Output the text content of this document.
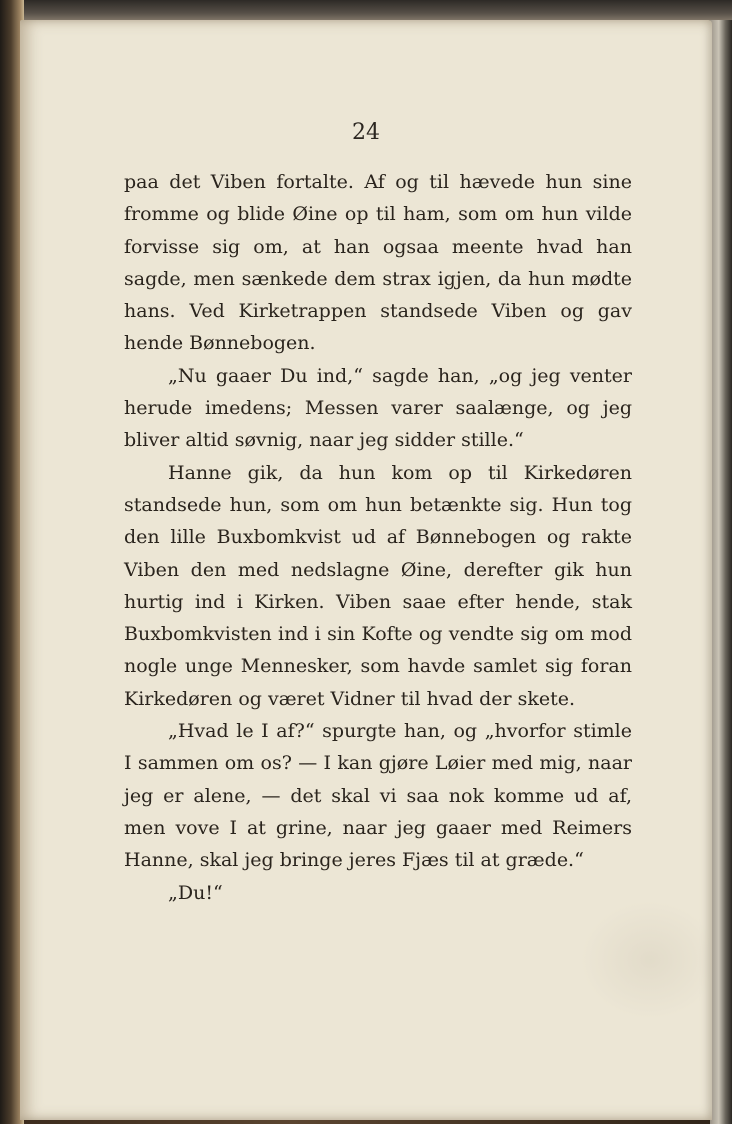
24

paa det Viben fortalte. Af og til hævede hun sine fromme og blide Øine op til ham, som om hun vilde forvisse sig om, at han ogsaa meente hvad han sagde, men sænkede dem strax igjen, da hun mødte hans. Ved Kirketrappen standsede Viben og gav hende Bønnebogen.

„Nu gaaer Du ind,“ sagde han, „og jeg venter herude imedens; Messen varer saalænge, og jeg bliver altid søvnig, naar jeg sidder stille.“

Hanne gik, da hun kom op til Kirkedøren standsede hun, som om hun betænkte sig. Hun tog den lille Buxbomkvist ud af Bønnebogen og rakte Viben den med nedslagne Øine, derefter gik hun hurtig ind i Kirken. Viben saae efter hende, stak Buxbomkvisten ind i sin Kofte og vendte sig om mod nogle unge Mennesker, som havde samlet sig foran Kirkedøren og været Vidner til hvad der skete.

„Hvad le I af?“ spurgte han, og „hvorfor stimle I sammen om os? — I kan gjøre Løier med mig, naar jeg er alene, — det skal vi saa nok komme ud af, men vove I at grine, naar jeg gaaer med Reimers Hanne, skal jeg bringe jeres Fjæs til at græde.“

„Du!“
